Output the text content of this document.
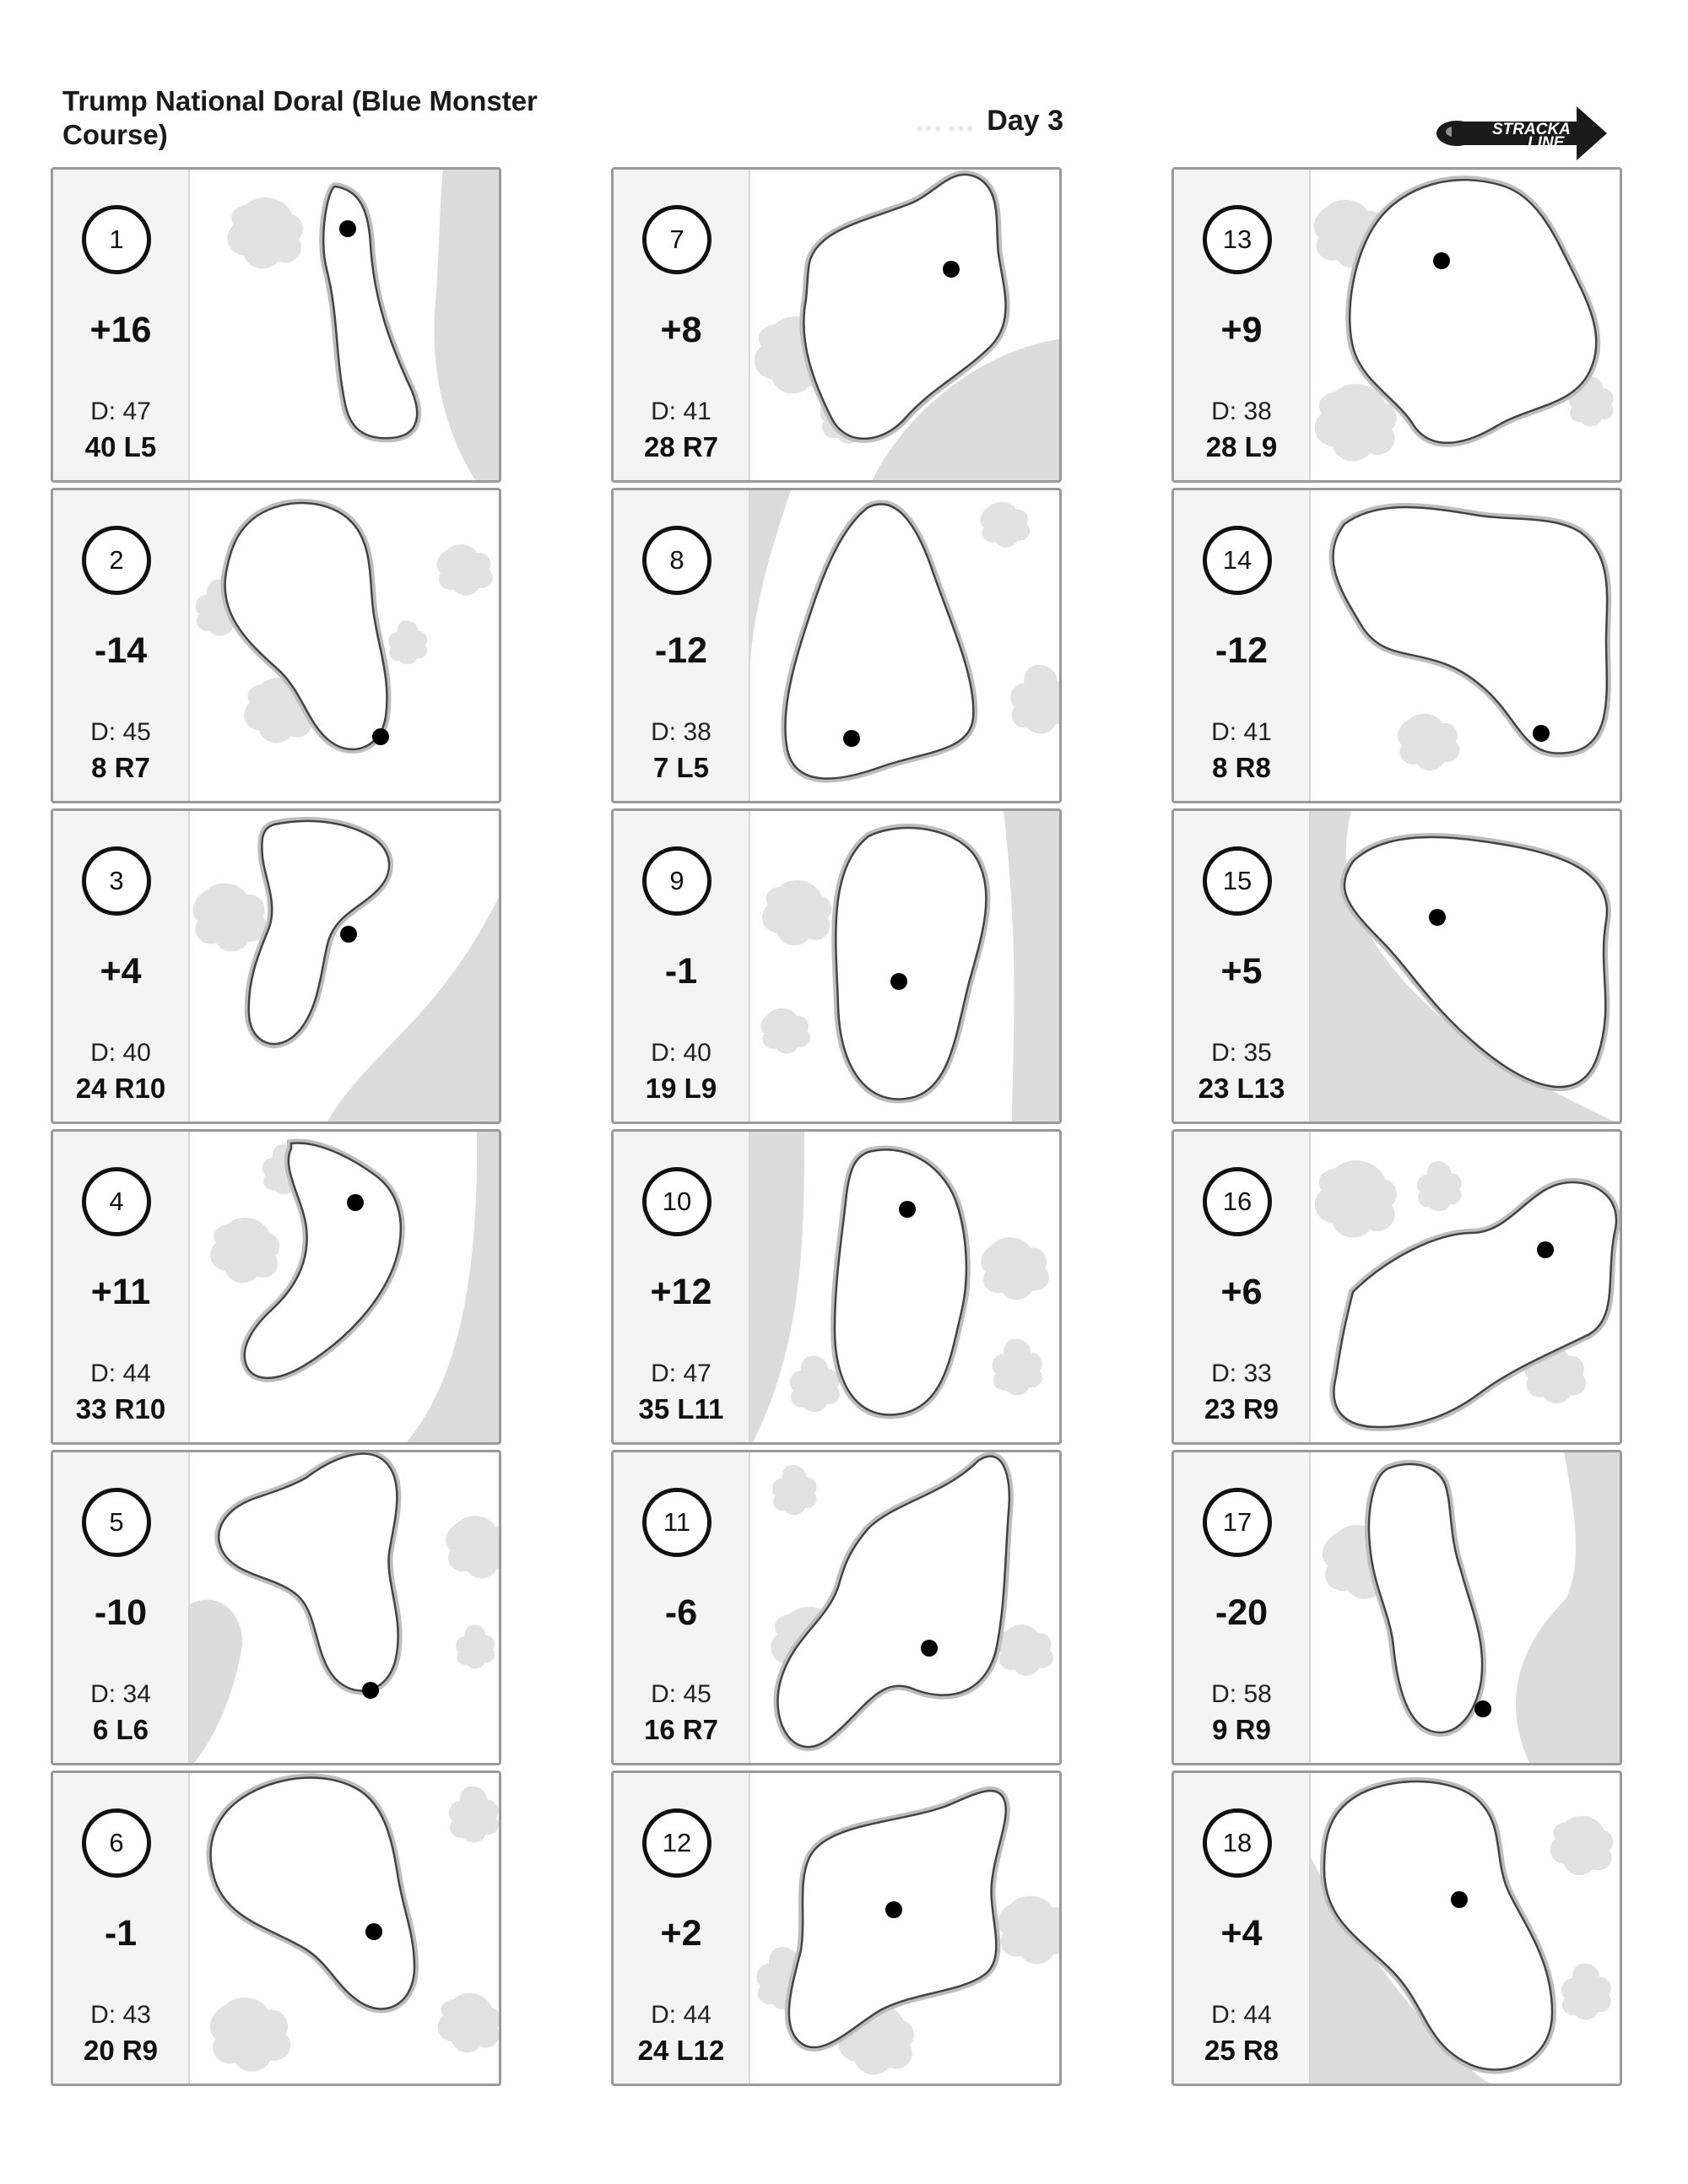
Trump National Doral (Blue Monster Course)	…… Day 3	STRACKA
LINE
1
+16
D: 47
40 L5
2
-14
D: 45
8 R7
3
+4
D: 40
24 R10
4
+11
D: 44
33 R10
5
-10
D: 34
6 L6
6
-1
D: 43
20 R9
7
+8
D: 41
28 R7
8
-12
D: 38
7 L5
9
-1
D: 40
19 L9
10
+12
D: 47
35 L11
11
-6
D: 45
16 R7
12
+2
D: 44
24 L12
13
+9
D: 38
28 L9
14
-12
D: 41
8 R8
15
+5
D: 35
23 L13
16
+6
D: 33
23 R9
17
-20
D: 58
9 R9
18
+4
D: 44
25 R8
